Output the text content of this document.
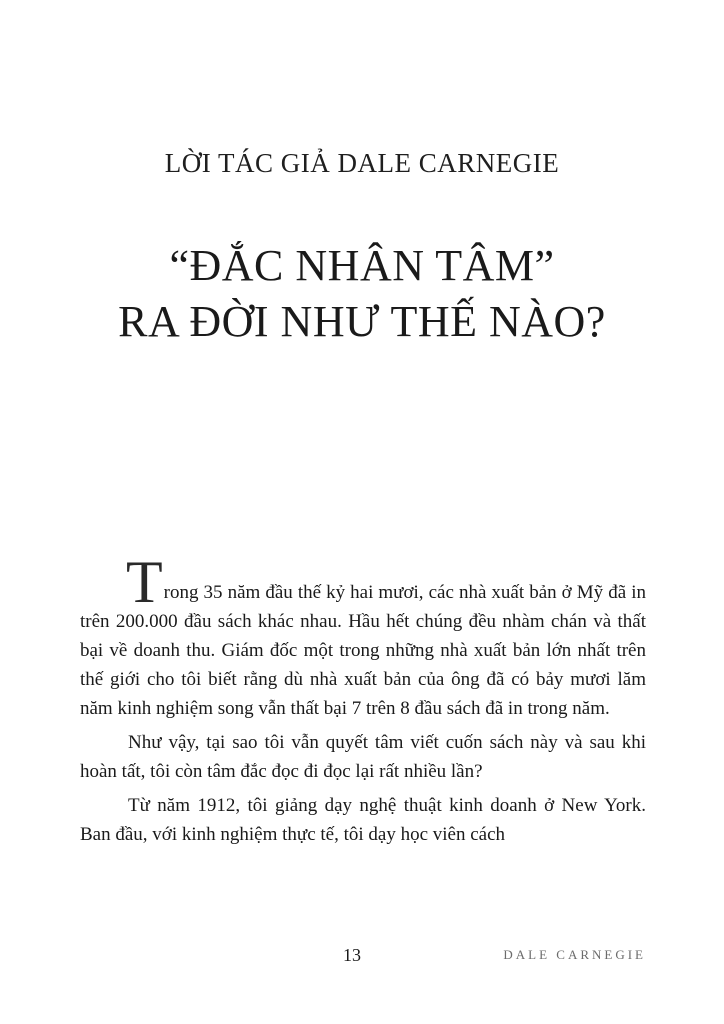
LỜI TÁC GIẢ DALE CARNEGIE
“ĐẮC NHÂN TÂM”
RA ĐỜI NHƯ THẾ NÀO?

Trong 35 năm đầu thế kỷ hai mươi, các nhà xuất bản ở Mỹ đã in trên 200.000 đầu sách khác nhau. Hầu hết chúng đều nhàm chán và thất bại về doanh thu. Giám đốc một trong những nhà xuất bản lớn nhất trên thế giới cho tôi biết rằng dù nhà xuất bản của ông đã có bảy mươi lăm năm kinh nghiệm song vẫn thất bại 7 trên 8 đầu sách đã in trong năm.

Như vậy, tại sao tôi vẫn quyết tâm viết cuốn sách này và sau khi hoàn tất, tôi còn tâm đắc đọc đi đọc lại rất nhiều lần?

Từ năm 1912, tôi giảng dạy nghệ thuật kinh doanh ở New York. Ban đầu, với kinh nghiệm thực tế, tôi dạy học viên cách

13	DALE CARNEGIE
